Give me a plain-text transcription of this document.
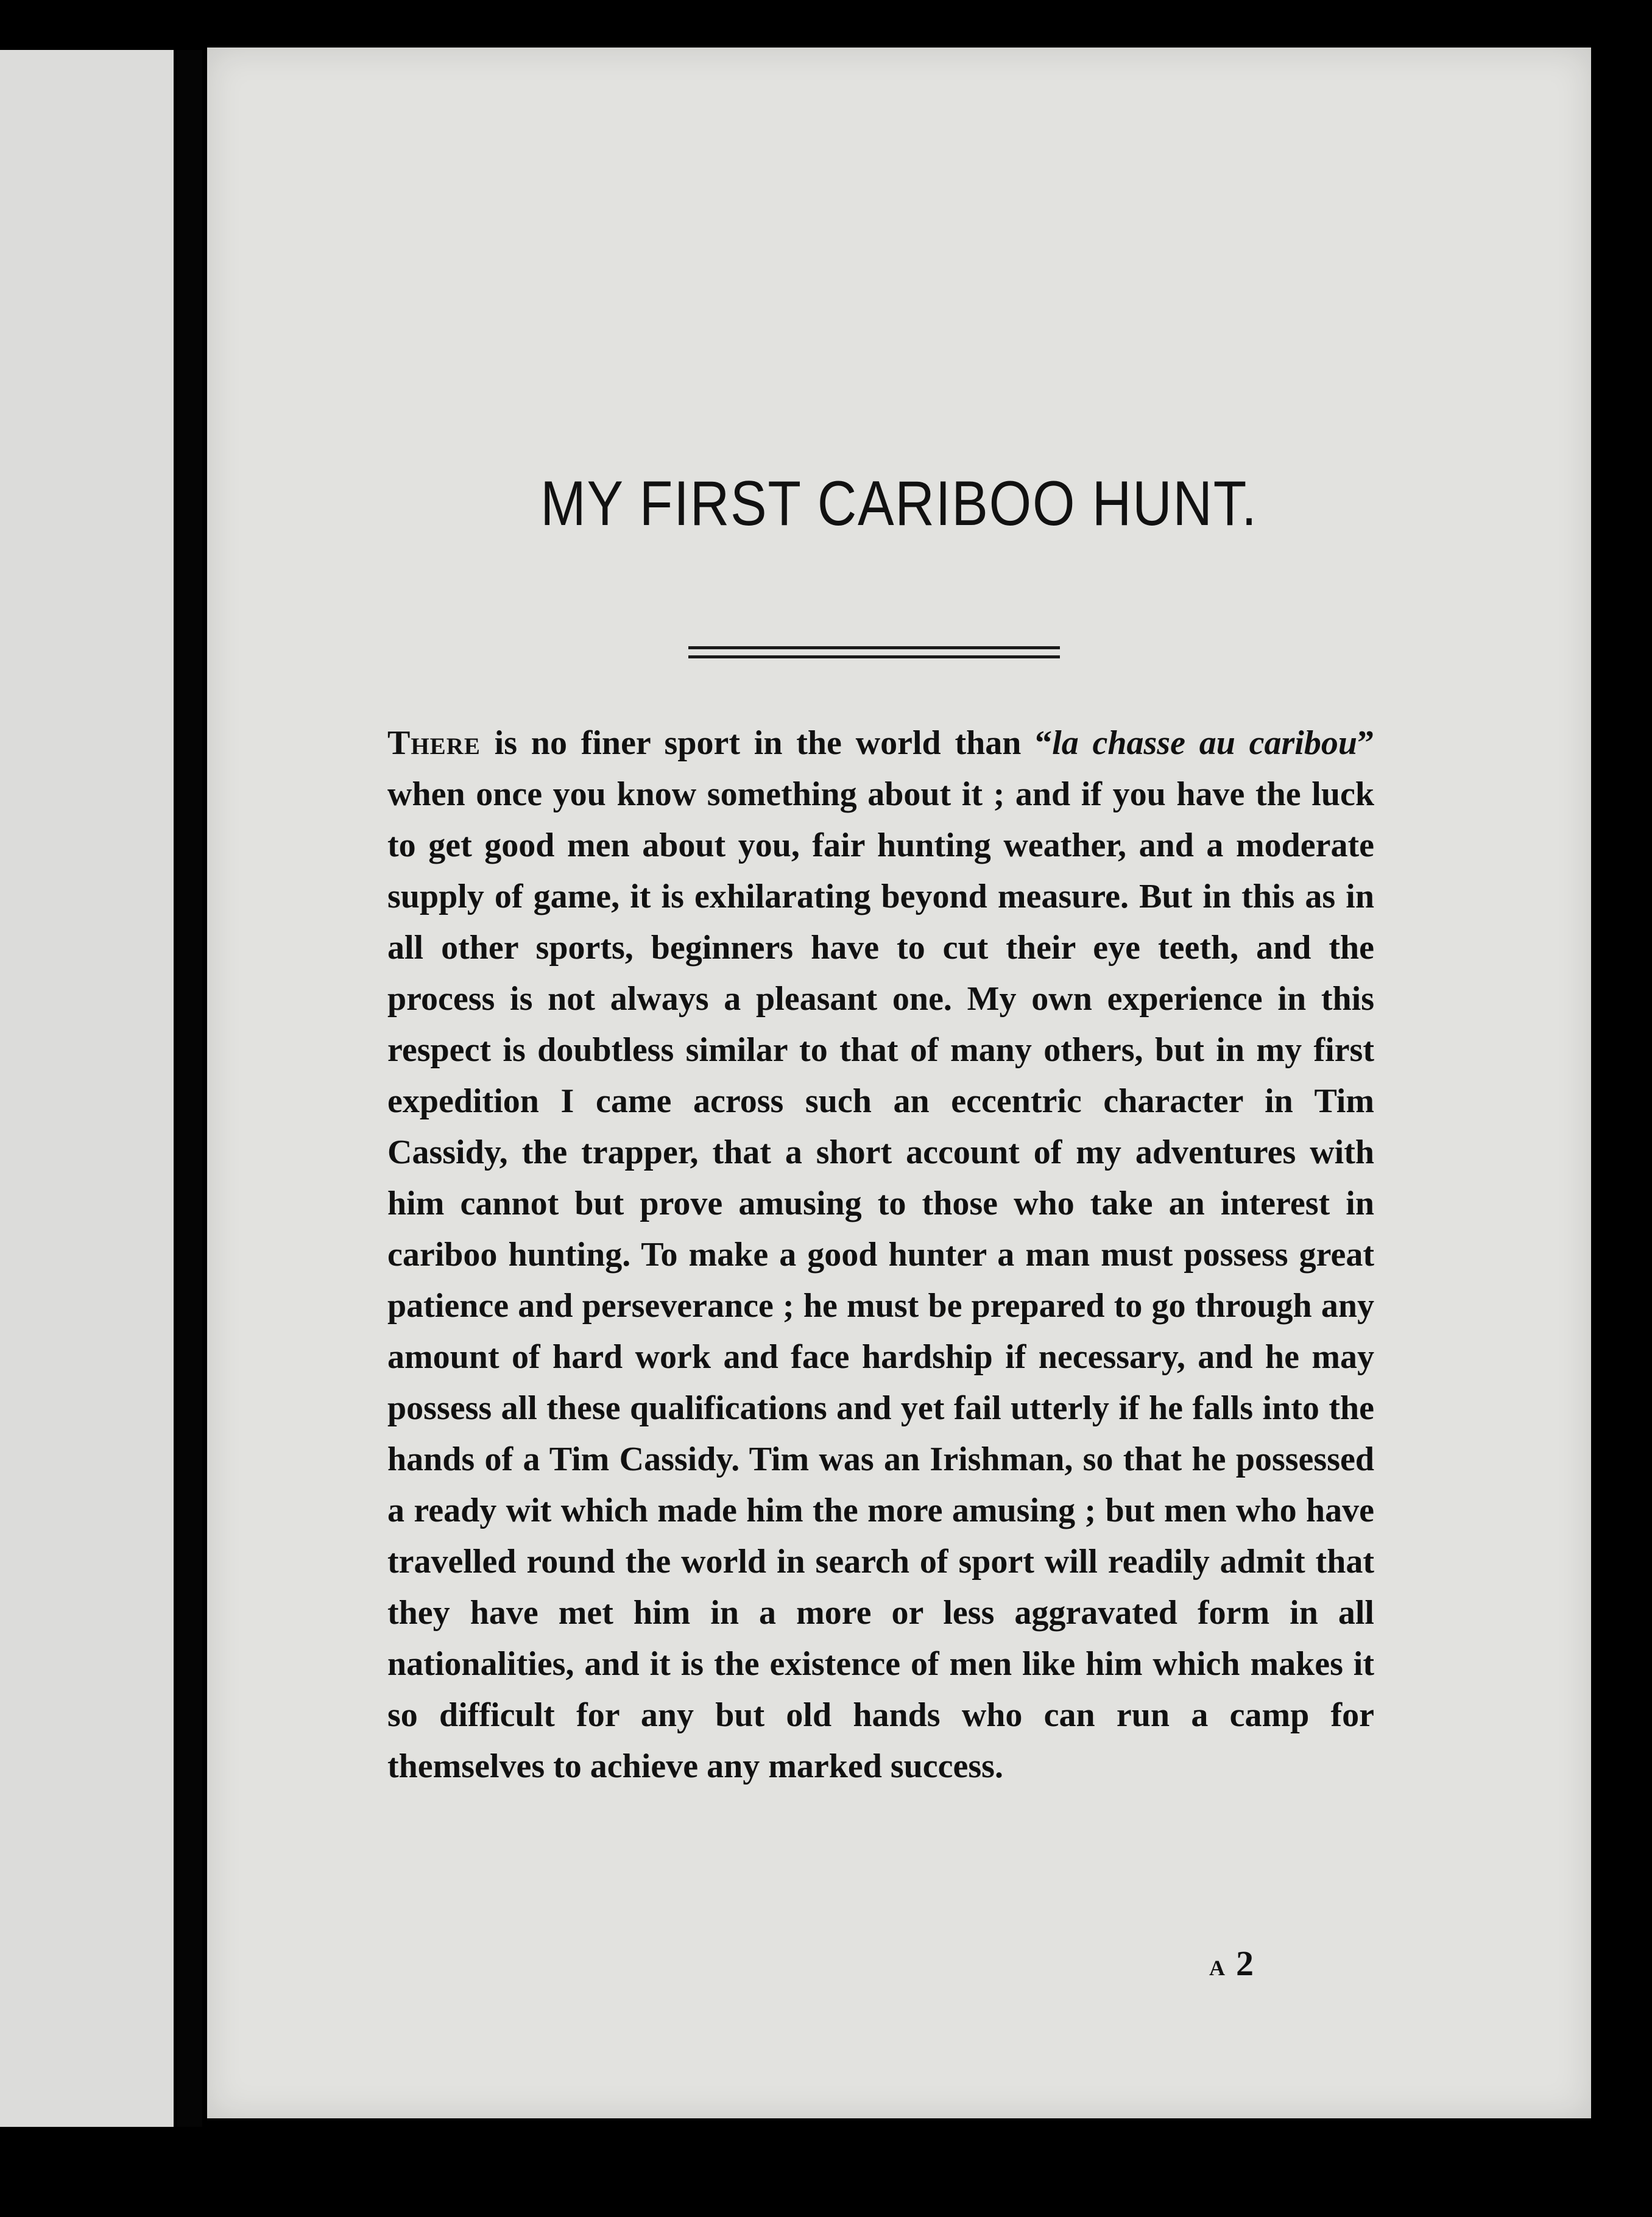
MY FIRST CARIBOO HUNT.

There is no finer sport in the world than “la chasse au caribou” when once you know something about it ; and if you have the luck to get good men about you, fair hunting weather, and a moderate supply of game, it is exhilarating beyond measure. But in this as in all other sports, beginners have to cut their eye teeth, and the process is not always a pleasant one. My own experience in this respect is doubtless similar to that of many others, but in my first expedition I came across such an eccentric character in Tim Cassidy, the trapper, that a short account of my adventures with him cannot but prove amusing to those who take an interest in cariboo hunting. To make a good hunter a man must possess great patience and perseverance ; he must be prepared to go through any amount of hard work and face hardship if necessary, and he may possess all these qualifications and yet fail utterly if he falls into the hands of a Tim Cassidy. Tim was an Irishman, so that he possessed a ready wit which made him the more amusing ; but men who have travelled round the world in search of sport will readily admit that they have met him in a more or less aggravated form in all nationalities, and it is the existence of men like him which makes it so difficult for any but old hands who can run a camp for themselves to achieve any marked success.

A 2
